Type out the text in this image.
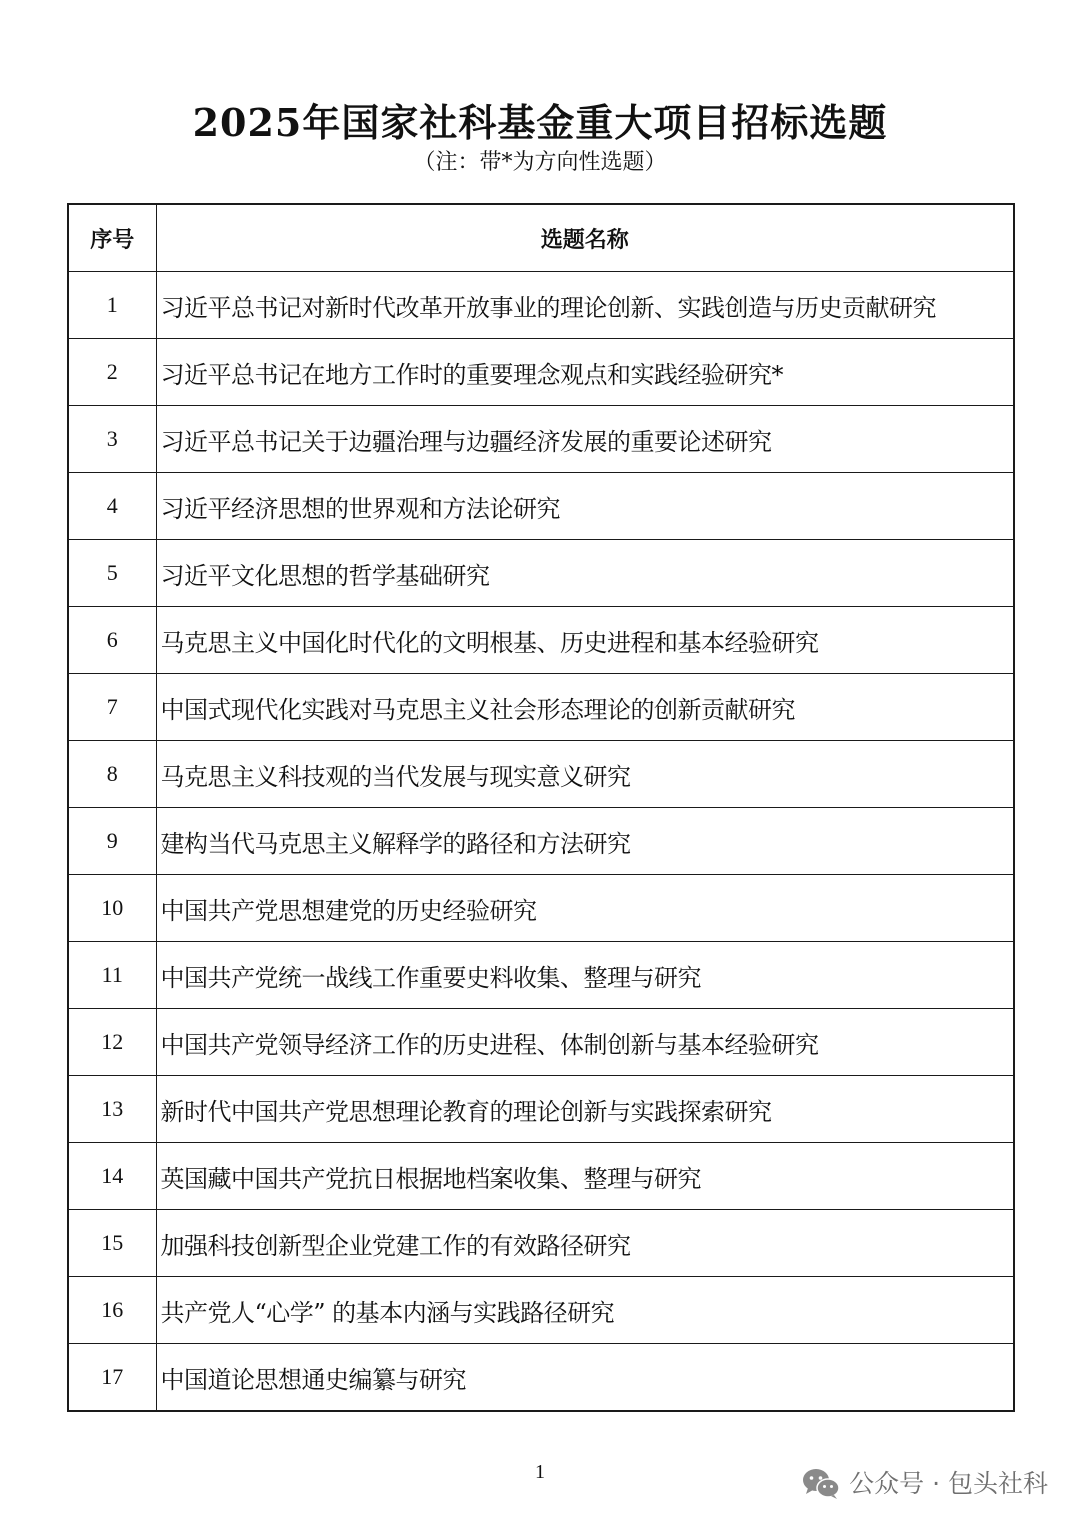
2025年国家社科基金重大项目招标选题
（注：带*为方向性选题）
序号	选题名称
1	习近平总书记对新时代改革开放事业的理论创新、实践创造与历史贡献研究
2	习近平总书记在地方工作时的重要理念观点和实践经验研究*
3	习近平总书记关于边疆治理与边疆经济发展的重要论述研究
4	习近平经济思想的世界观和方法论研究
5	习近平文化思想的哲学基础研究
6	马克思主义中国化时代化的文明根基、历史进程和基本经验研究
7	中国式现代化实践对马克思主义社会形态理论的创新贡献研究
8	马克思主义科技观的当代发展与现实意义研究
9	建构当代马克思主义解释学的路径和方法研究
10	中国共产党思想建党的历史经验研究
11	中国共产党统一战线工作重要史料收集、整理与研究
12	中国共产党领导经济工作的历史进程、体制创新与基本经验研究
13	新时代中国共产党思想理论教育的理论创新与实践探索研究
14	英国藏中国共产党抗日根据地档案收集、整理与研究
15	加强科技创新型企业党建工作的有效路径研究
16	共产党人“心学” 的基本内涵与实践路径研究
17	中国道论思想通史编纂与研究
1	公众号 · 包头社科
